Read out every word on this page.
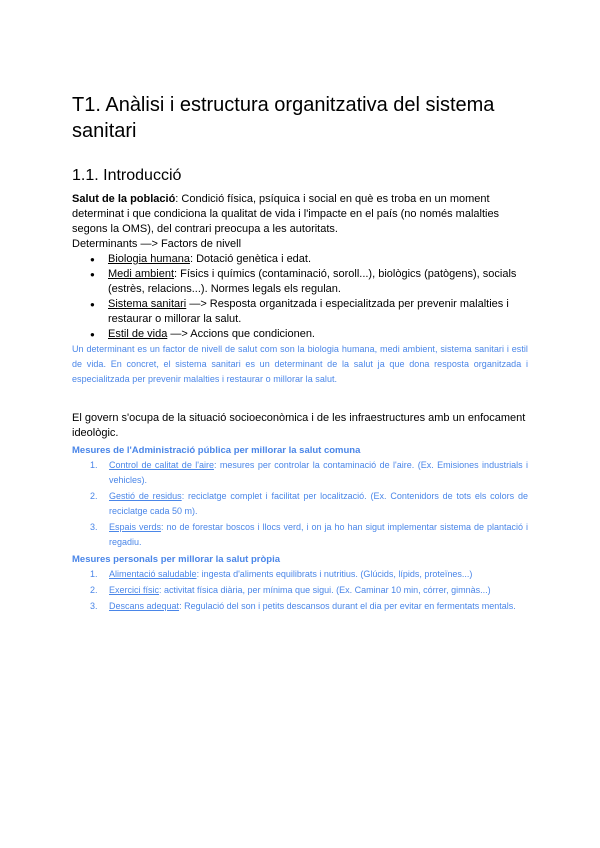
T1. Anàlisi i estructura organitzativa del sistema sanitari
1.1. Introducció

Salut de la població: Condició física, psíquica i social en què es troba en un moment determinat i que condiciona la qualitat de vida i l'impacte en el país (no només malalties segons la OMS), del contrari preocupa a les autoritats.

Determinants —> Factors de nivell

● Biologia humana: Dotació genètica i edat.
● Medi ambient: Físics i químics (contaminació, soroll...), biològics (patògens), socials (estrès, relacions...). Normes legals els regulan.
● Sistema sanitari —> Resposta organitzada i especialitzada per prevenir malalties i restaurar o millorar la salut.
● Estil de vida —> Accions que condicionen.

Un determinant es un factor de nivell de salut com son la biologia humana, medi ambient, sistema sanitari i estil de vida. En concret, el sistema sanitari es un determinant de la salut ja que dona resposta organitzada i especialitzada per prevenir malalties i restaurar o millorar la salut.

El govern s'ocupa de la situació socioeconòmica i de les infraestructures amb un enfocament ideològic.

Mesures de l'Administració pública per millorar la salut comuna
1. Control de calitat de l'aire: mesures per controlar la contaminació de l'aire. (Ex. Emisiones industrials i vehicles).
2. Gestió de residus: reciclatge complet i facilitat per localització. (Ex. Contenidors de tots els colors de reciclatge cada 50 m).
3. Espais verds: no de forestar boscos i llocs verd, i on ja ho han sigut implementar sistema de plantació i regadiu.
Mesures personals per millorar la salut pròpia
1. Alimentació saludable: ingesta d'aliments equilibrats i nutritius. (Glúcids, lípids, proteïnes...)
2. Exercici físic: activitat física diària, per mínima que sigui. (Ex. Caminar 10 min, córrer, gimnàs...)
3. Descans adequat: Regulació del son i petits descansos durant el dia per evitar en fermentats mentals.
